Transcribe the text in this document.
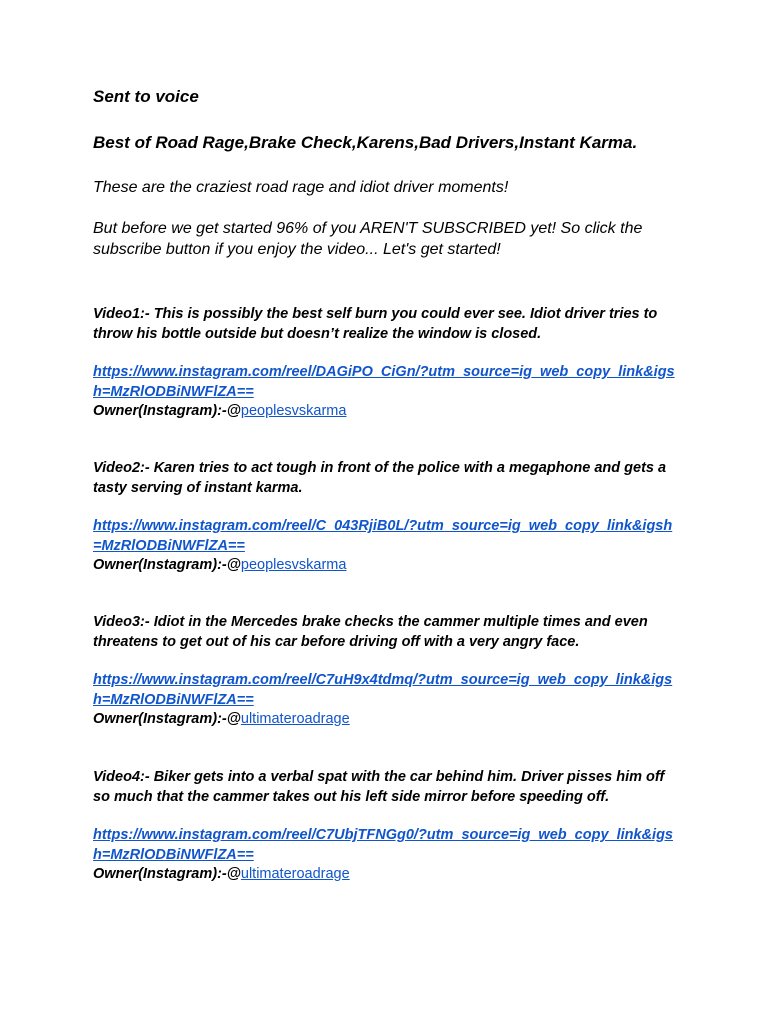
Sent to voice

Best of Road Rage,Brake Check,Karens,Bad Drivers,Instant Karma.

These are the craziest road rage and idiot driver moments!

But before we get started 96% of you AREN'T SUBSCRIBED yet! So click the subscribe button if you enjoy the video... Let's get started!

Video1:- This is possibly the best self burn you could ever see. Idiot driver tries to throw his bottle outside but doesn’t realize the window is closed.

https://www.instagram.com/reel/DAGiPO_CiGn/?utm_source=ig_web_copy_link&igsh=MzRlODBiNWFlZA==

Owner(Instagram):-@peoplesvskarma

Video2:- Karen tries to act tough in front of the police with a megaphone and gets a tasty serving of instant karma.

https://www.instagram.com/reel/C_043RjiB0L/?utm_source=ig_web_copy_link&igsh=MzRlODBiNWFlZA==

Owner(Instagram):-@peoplesvskarma

Video3:- Idiot in the Mercedes brake checks the cammer multiple times and even threatens to get out of his car before driving off with a very angry face.

https://www.instagram.com/reel/C7uH9x4tdmq/?utm_source=ig_web_copy_link&igsh=MzRlODBiNWFlZA==

Owner(Instagram):-@ultimateroadrage

Video4:- Biker gets into a verbal spat with the car behind him. Driver pisses him off so much that the cammer takes out his left side mirror before speeding off.

https://www.instagram.com/reel/C7UbjTFNGg0/?utm_source=ig_web_copy_link&igsh=MzRlODBiNWFlZA==

Owner(Instagram):-@ultimateroadrage
